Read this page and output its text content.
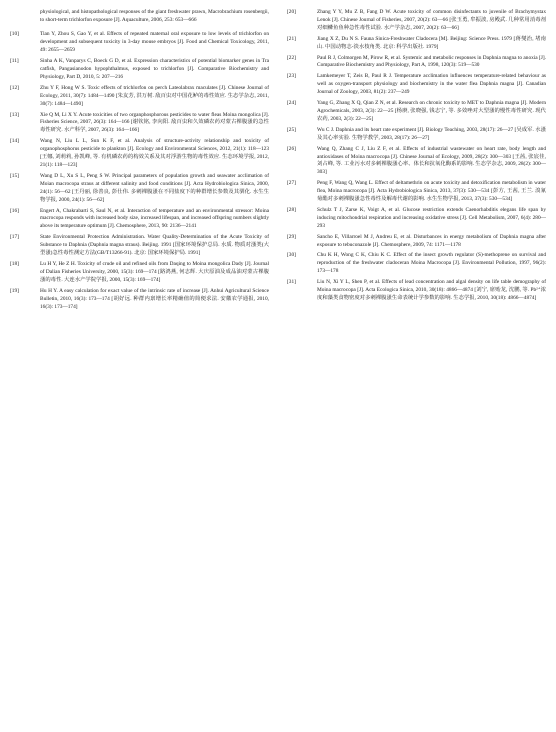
physiological, and histopathological responses of the giant freshwater prawn, Macrobrachium rosenbergii, to short-term trichlorfon exposure [J]. Aquaculture, 2006, 253: 653—666

[10]	Tian Y, Zhou S, Gao Y, et al. Effects of repeated maternal oral exposure to low levels of trichlorfon on development and subsequent toxicity in 3-day mouse embryos [J]. Food and Chemical Toxicology, 2011, 49: 2655—2659
[11]	Sinha A K, Vanparys C, Boeck G D, et al. Expression characteristics of potential biomarker genes in Tra catfish, Pangasianodon hypophthalmus, exposed to trichlorfon [J]. Comparative Biochemistry and Physiology, Part D, 2010, 5: 207—216
[12]	Zhu Y F, Hong W S. Toxic effects of trichlorfon on perch Lateolabrax maculates [J]. Chinese Journal of Ecology, 2011, 30(7): 1484—1490 [朱友芳, 洪万树. 敌百虫对中国花鲈的毒性效应. 生态学杂志, 2011, 30(7): 1484—1490]
[13]	Xie Q M, Li X Y. Acute toxicities of two organphosphorous pesticides to water fleas Moina mongolica [J]. Fisheries Science, 2007, 26(3): 164—166 [谢钦铭, 李向阳. 敌百虫和久效磷农药对蒙古裸腹溞的急性毒性研究. 水产科学, 2007, 26(3): 164—166]
[14]	Wang N, Liu L L, Sun K F, et al. Analysis of structure-activity relationship and toxicity of organophosphorus pesticide to plankton [J]. Ecology and Environmental Sciences, 2012, 21(1): 118—123 [王娜, 刘莉莉, 孙凯峰, 等. 有机磷农药的构效关系及其对浮游生物的毒性效应. 生态环境学报, 2012, 21(1): 118—123]
[15]	Wang D L, Xu S L, Peng S W. Principal parameters of population growth and seawater acclimation of Moian macrocopa straus at different salinity and food conditions [J]. Acta Hydrobiologica Sinica, 2000, 24(1): 56—62 [王丹丽, 徐善良, 彭仕伟. 多刺裸腹溞在不同盐度下的种群增长参数及其驯化. 水生生物学报, 2000, 24(1): 56—62]
[16]	Engert A, Chakrabarti S, Saul N, et al. Interaction of temperature and an environmental stressor: Moina macrocopa responds with increased body size, increased lifespan, and increased offspring numbers slightly above its temperature optimum [J]. Chemosphere, 2013, 90: 2136—2141
[17]	State Environmental Protection Administration. Water Quality-Determination of the Acute Toxicity of Substance to Daphnia (Daphnia magna straus). Beijing. 1991 [国家环境保护总局. 水质. 物质对溞类(大型溞)急性毒性测定方法(GB/T13266-91). 北京: 国家环境保护局. 1991]
[18]	Lu H Y, He Z H. Toxicity of crude oil and refined oils from Daqing to Moina mongolica Dady [J]. Journal of Dalian Fisheries University, 2000, 15(3): 169—174 [路鸿燕, 何志辉. 大庆原油及成品油对蒙古裸腹溞的毒性. 大连水产学院学报, 2000, 15(3): 169—174]
[19]	Hu H Y. A easy calculation for exact value of the intrinsic rate of increase [J]. Anhui Agricultural Science Bulletin, 2010, 16(3): 173—174 [胡好远. 种群内禀增长率精确值的简便求法. 安徽农学通报, 2010, 16(3): 173—174]
[20]	Zhang Y Y, Mu Z B, Fang D W. Acute toxicity of common disinfectants to juvenile of Brachymystax Lenok [J]. Chinese Journal of Fisheries, 2007, 20(2): 63—66 [张玉勇, 牟振波, 房殿武. 几种常用消毒剂对细鳞鱼鱼种急性毒性试验. 水产学杂志, 2007, 20(2): 63—66]
[21]	Jiang X Z, Du N S. Fauna Sinica-Freshwater Cladocera [M]. Beijing: Science Press. 1979 [蒋燮治, 堵南山. 中国动物志-淡水枝角类. 北京: 科学出版社. 1979]
[22]	Paul R J, Colmorgen M, Pirow R, et al. Systemic and metabolic responses in Daphnia magna to anoxia [J]. Comparative Biochemistry and Physiology, Part A, 1998, 120(3): 519—530
[23]	Lamkemeyer T, Zeis B, Paul R J. Temperature acclimation influences temperature-related behaviour as well as oxygen-transport physiology and biochemistry in the water flea Daphnia magna [J]. Canadian Journal of Zoology, 2003, 81(2): 237—249
[24]	Yang G, Zhang X Q, Qian Z N, et al. Research on chronic toxicity to MET to Daphnia magna [J]. Modern Agrochemicals, 2003, 2(3): 22—25 [杨赓, 张晓强, 钱志宁, 等. 多效唑对大型溞的慢性毒性研究. 现代农药, 2003, 2(3): 22—25]
[25]	Wu C J. Daphnia and its heart rate experiment [J]. Biology Teaching, 2003, 28(17): 26—27 [吴成军. 水溞及其心率实验. 生物学教学, 2003, 28(17): 26—27]
[26]	Wang Q, Zhang C J, Liu Z F, et al. Effects of industrial wastewater on heart rate, body length and antioxidases of Moina macrocopa [J]. Chinese Journal of Ecology, 2009, 28(2): 300—303 [王茜, 张宸佳, 刘占峰, 等. 工业污水对多刺裸腹溞心率、体长和抗氧化酶系的影响. 生态学杂志, 2009, 28(2): 300—303]
[27]	Peng F, Wang Q, Wang L. Effect of deltamethrin on acute toxicity and detoxification metabolism in water flea, Moina macrocopa [J]. Acta Hydrobiologica Sinica, 2013, 37(3): 530—534 [彭方, 王茜, 王兰. 溴氰菊酯对多刺裸腹溞急性毒性及解毒代谢的影响. 水生生物学报, 2013, 37(3): 530—534]
[28]	Schulz T J, Zarse K, Voigt A, et al. Glucose restriction extends Caenorhabditis elegans life span by inducing mitochondrial respiration and increasing oxidative stress [J]. Cell Metabolism, 2007, 6(4): 280—293
[29]	Sancho E, Villarroel M J, Andreu E, et al. Disturbances in energy metabolism of Daphnia magna after exposure to tebuconazole [J]. Chemosphere, 2009, 74: 1171—1178
[30]	Chu K H, Wong C K, Chiu K C. Effect of the insect growth regulator (S)-methoprene on survival and reproduction of the freshwater cladoceran Moina Macrocopa [J]. Environmental Pollution, 1997, 96(2): 173—178
[31]	Liu N, Xi Y L, Shen P, et al. Effects of lead concentration and algal density on life table demography of Moina macrocopa [J]. Acta Ecologica Sinica, 2010, 30(18): 4866—4874 [刘宁, 席贻龙, 沈鹏, 等. Pb²⁺浓度和藻类食物密度对多刺裸腹溞生命表统计学参数的影响. 生态学报, 2010, 30(18): 4866—4874]
